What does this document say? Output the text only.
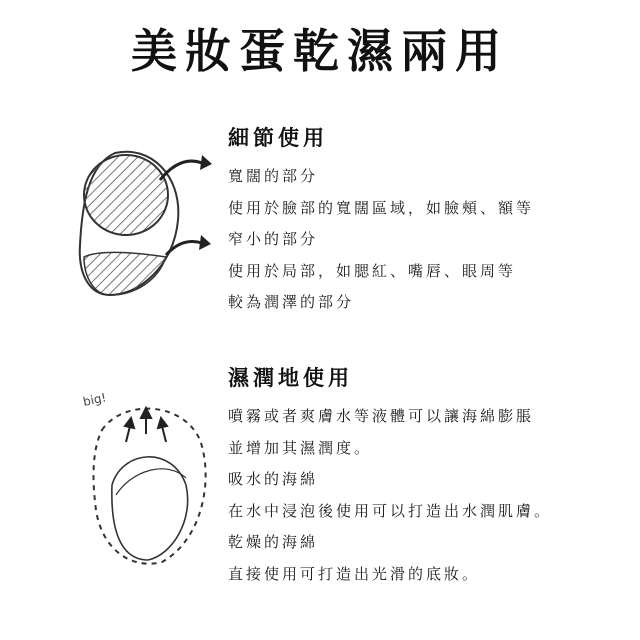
美妝蛋乾濕兩用
big!
細節使用
寬闊的部分
使用於臉部的寬闊區域，如臉頰、額等
窄小的部分
使用於局部，如腮紅、嘴唇、眼周等
較為潤澤的部分
濕潤地使用
噴霧或者爽膚水等液體可以讓海綿膨脹
並增加其濕潤度。
吸水的海綿
在水中浸泡後使用可以打造出水潤肌膚。
乾燥的海綿
直接使用可打造出光滑的底妝。
